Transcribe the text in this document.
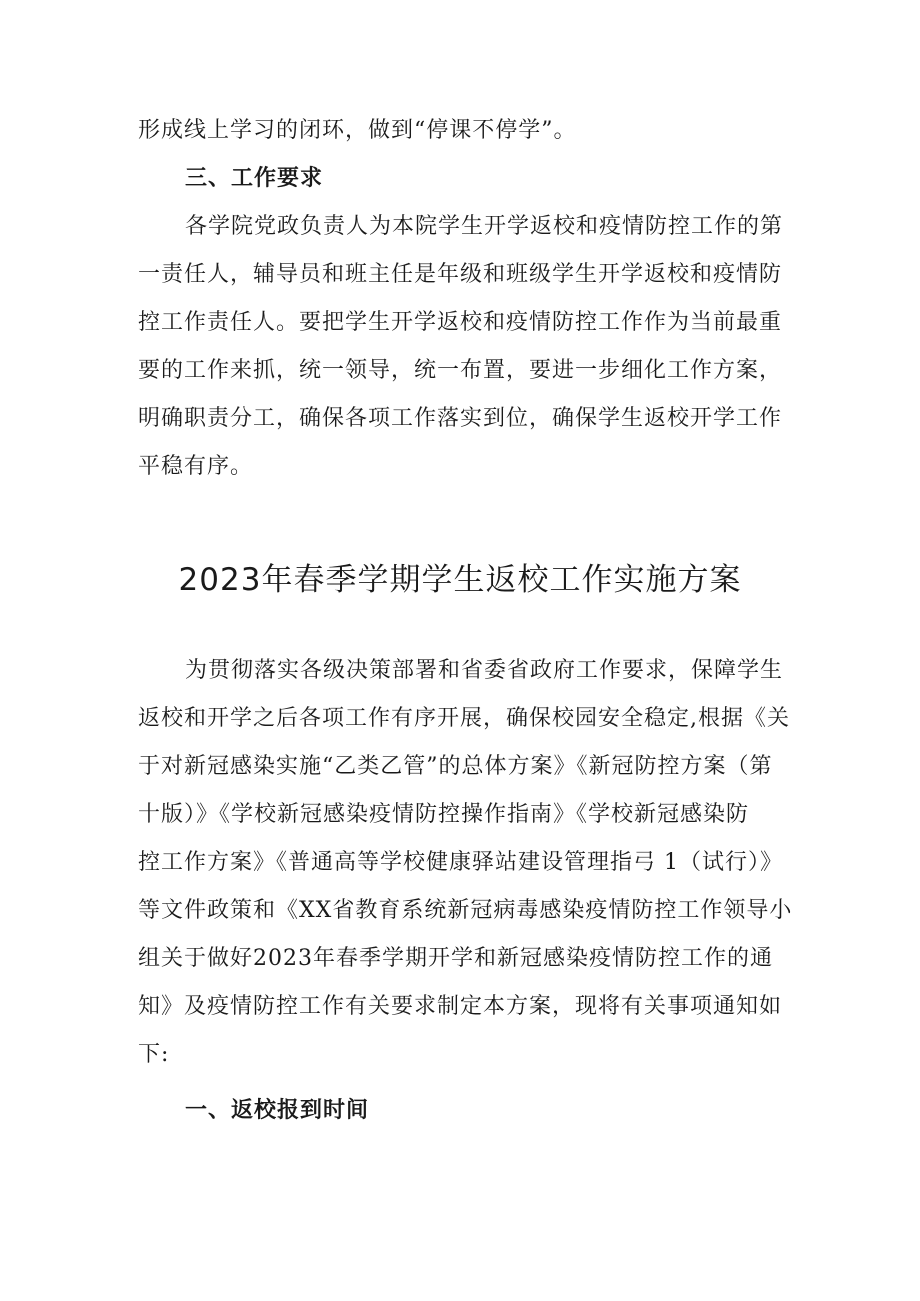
形成线上学习的闭环，做到“停课不停学”。
三、工作要求
各学院党政负责人为本院学生开学返校和疫情防控工作的第
一责任人，辅导员和班主任是年级和班级学生开学返校和疫情防
控工作责任人。要把学生开学返校和疫情防控工作作为当前最重
要的工作来抓，统一领导，统一布置，要进一步细化工作方案，
明确职责分工，确保各项工作落实到位，确保学生返校开学工作
平稳有序。
2023年春季学期学生返校工作实施方案
为贯彻落实各级决策部署和省委省政府工作要求，保障学生
返校和开学之后各项工作有序开展，确保校园安全稳定,根据《关
于对新冠感染实施“乙类乙管”的总体方案》《新冠防控方案（第
十版）》《学校新冠感染疫情防控操作指南》《学校新冠感染防
控工作方案》《普通高等学校健康驿站建设管理指弓 1（试行）》
等文件政策和《XX省教育系统新冠病毒感染疫情防控工作领导小
组关于做好2023年春季学期开学和新冠感染疫情防控工作的通
知》及疫情防控工作有关要求制定本方案，现将有关事项通知如
下:
一、返校报到时间
